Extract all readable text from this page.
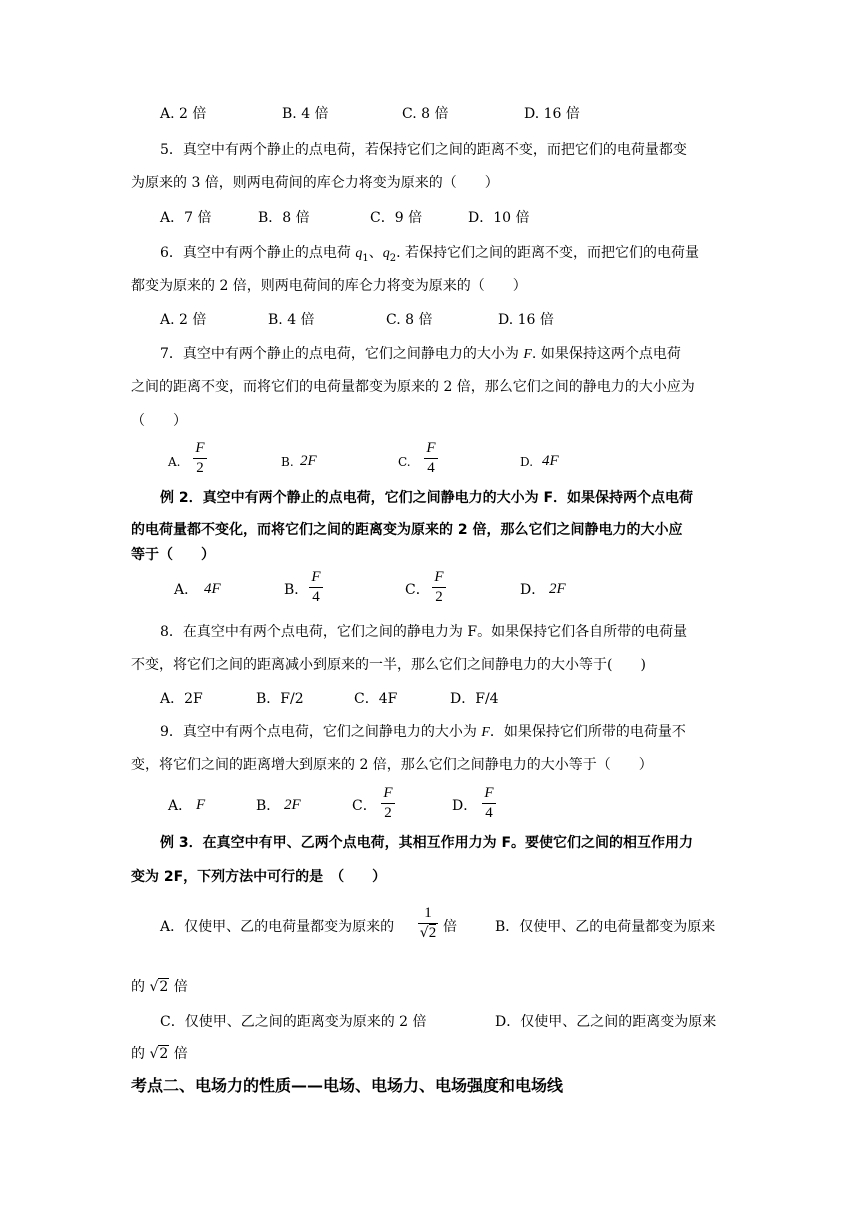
A. 2 倍	B. 4 倍	C. 8 倍	D. 16 倍
5．真空中有两个静止的点电荷，若保持它们之间的距离不变，而把它们的电荷量都变
为原来的 3 倍，则两电荷间的库仑力将变为原来的（　　）
A．7 倍	B．8 倍	C．9 倍	D．10 倍
6．真空中有两个静止的点电荷 $q_1$、$q_2$. 若保持它们之间的距离不变，而把它们的电荷量
都变为原来的 2 倍，则两电荷间的库仑力将变为原来的（　　）
A. 2 倍	B. 4 倍	C. 8 倍	D. 16 倍
7．真空中有两个静止的点电荷，它们之间静电力的大小为 F. 如果保持这两个点电荷
之间的距离不变，而将它们的电荷量都变为原来的 2 倍，那么它们之间的静电力的大小应为
（　　）
A.
F
2	B. 2F	C.
F
4	D. 4F
例 2．真空中有两个静止的点电荷，它们之间静电力的大小为 F．如果保持两个点电荷
的电荷量都不变化，而将它们之间的距离变为原来的 2 倍，那么它们之间静电力的大小应
等于（　　）
A． 4F	B．
F
4	C．
F
2	D． 2F
8．在真空中有两个点电荷，它们之间的静电力为 F。如果保持它们各自所带的电荷量
不变，将它们之间的距离减小到原来的一半，那么它们之间静电力的大小等于(　　)
A．2F	B．F/2	C．4F	D．F/4
9．真空中有两个点电荷，它们之间静电力的大小为 F．如果保持它们所带的电荷量不
变，将它们之间的距离增大到原来的 2 倍，那么它们之间静电力的大小等于（　　）
A． F	B． 2F	C．
F
2	D．
F
4
例 3．在真空中有甲、乙两个点电荷，其相互作用力为 F。要使它们之间的相互作用力
变为 2F，下列方法中可行的是　（　　）
A．仅使甲、乙的电荷量都变为原来的
1
√2 倍	B．仅使甲、乙的电荷量都变为原来
的 √2 倍
C．仅使甲、乙之间的距离变为原来的 2 倍	D．仅使甲、乙之间的距离变为原来
的 √2 倍
考点二、电场力的性质——电场、电场力、电场强度和电场线
